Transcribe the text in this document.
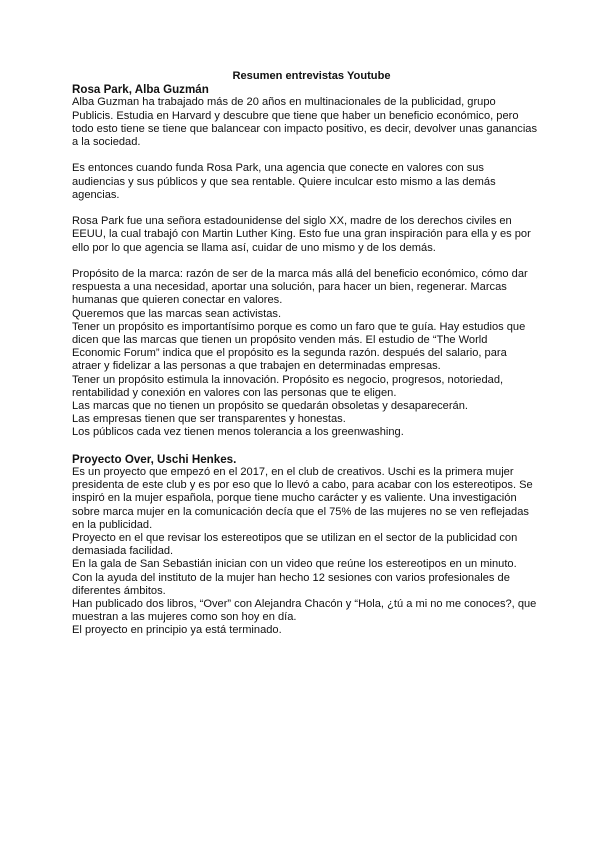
Resumen entrevistas Youtube

Rosa Park, Alba Guzmán

Alba Guzman ha trabajado más de 20 años en multinacionales de la publicidad, grupo Publicis. Estudia en Harvard y descubre que tiene que haber un beneficio económico, pero todo esto tiene se tiene que balancear con impacto positivo, es decir, devolver unas ganancias a la sociedad.

Es entonces cuando funda Rosa Park, una agencia que conecte en valores con sus audiencias y sus públicos y que sea rentable. Quiere inculcar esto mismo a las demás agencias.

Rosa Park fue una señora estadounidense del siglo XX, madre de los derechos civiles en EEUU, la cual trabajó con Martin Luther King. Esto fue una gran inspiración para ella y es por ello por lo que agencia se llama así, cuidar de uno mismo y de los demás.

Propósito de la marca: razón de ser de la marca más allá del beneficio económico, cómo dar respuesta a una necesidad, aportar una solución, para hacer un bien, regenerar. Marcas humanas que quieren conectar en valores.

Queremos que las marcas sean activistas.

Tener un propósito es importantísimo porque es como un faro que te guía. Hay estudios que dicen que las marcas que tienen un propósito venden más. El estudio de “The World Economic Forum” indica que el propósito es la segunda razón. después del salario, para atraer y fidelizar a las personas a que trabajen en determinadas empresas.

Tener un propósito estimula la innovación. Propósito es negocio, progresos, notoriedad, rentabilidad y conexión en valores con las personas que te eligen.

Las marcas que no tienen un propósito se quedarán obsoletas y desaparecerán.

Las empresas tienen que ser transparentes y honestas.

Los públicos cada vez tienen menos tolerancia a los greenwashing.

Proyecto Over, Uschi Henkes.

Es un proyecto que empezó en el 2017, en el club de creativos. Uschi es la primera mujer presidenta de este club y es por eso que lo llevó a cabo, para acabar con los estereotipos. Se inspiró en la mujer española, porque tiene mucho carácter y es valiente. Una investigación sobre marca mujer en la comunicación decía que el 75% de las mujeres no se ven reflejadas en la publicidad.

Proyecto en el que revisar los estereotipos que se utilizan en el sector de la publicidad con demasiada facilidad.

En la gala de San Sebastián inician con un video que reúne los estereotipos en un minuto.

Con la ayuda del instituto de la mujer han hecho 12 sesiones con varios profesionales de diferentes ámbitos.

Han publicado dos libros, “Over” con Alejandra Chacón y “Hola, ¿tú a mi no me conoces?, que muestran a las mujeres como son hoy en día.

El proyecto en principio ya está terminado.
